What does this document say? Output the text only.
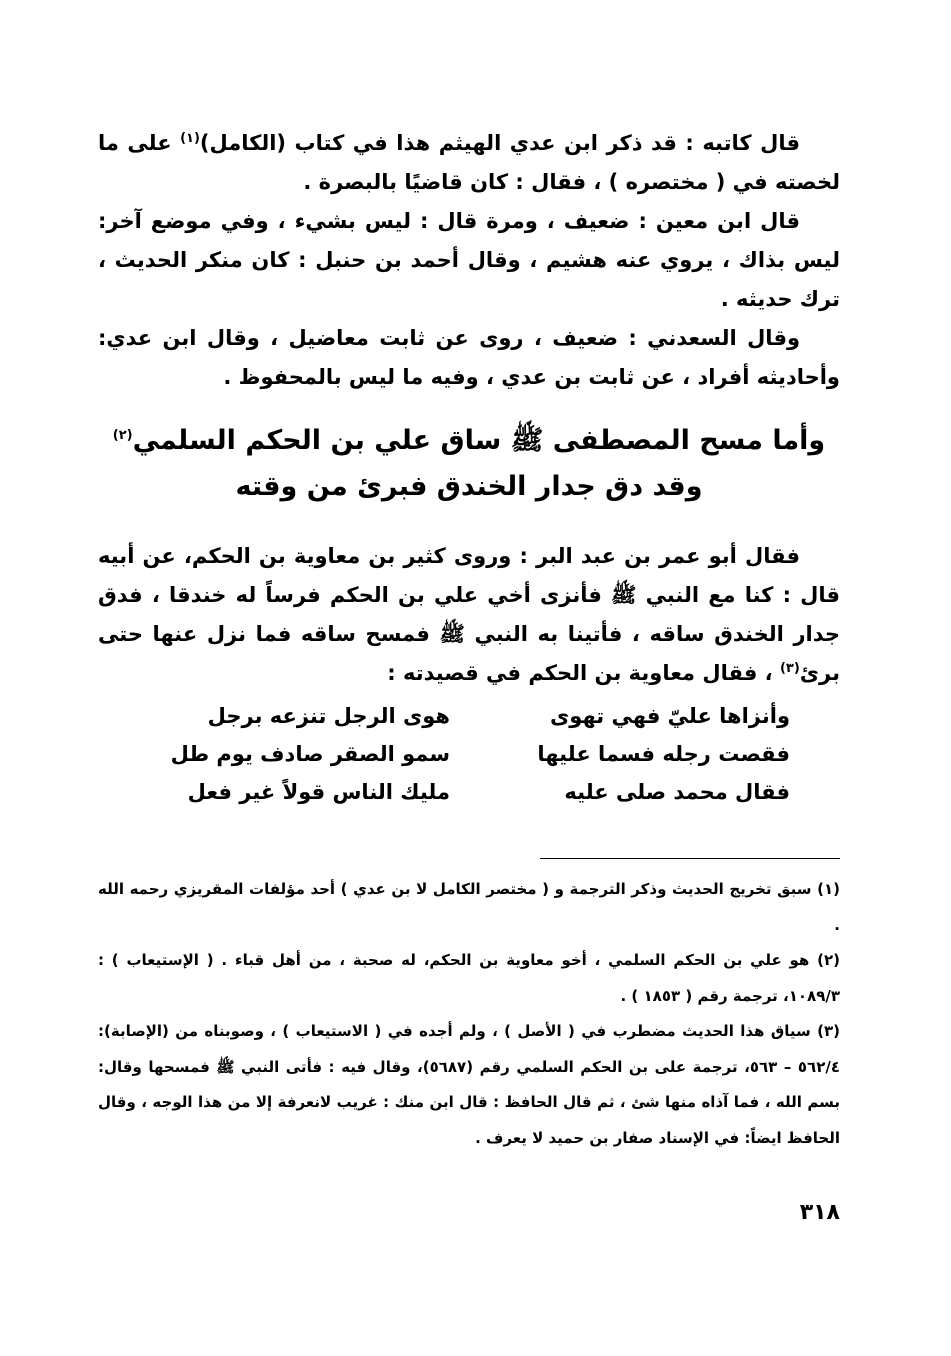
قال كاتبه : قد ذكر ابن عدي الهيثم هذا في كتاب (الكامل)$^{(١)}$ على ما لخصته في ( مختصره ) ، فقال : كان قاضيًا بالبصرة .

قال ابن معين : ضعيف ، ومرة قال : ليس بشيء ، وفي موضع آخر: ليس بذاك ، يروي عنه هشيم ، وقال أحمد بن حنبل : كان منكر الحديث ، ترك حديثه .

وقال السعدني : ضعيف ، روى عن ثابت معاضيل ، وقال ابن عدي: وأحاديثه أفراد ، عن ثابت بن عدي ، وفيه ما ليس بالمحفوظ .

وأما مسح المصطفى ﷺ ساق علي بن الحكم السلمي$^{(٢)}$
وقد دق جدار الخندق فبرئ من وقته

فقال أبو عمر بن عبد البر : وروى كثير بن معاوية بن الحكم، عن أبيه قال : كنا مع النبي ﷺ فأنزى أخي علي بن الحكم فرساً له خندقا ، فدق جدار الخندق ساقه ، فأتينا به النبي ﷺ فمسح ساقه فما نزل عنها حتى برئ$^{(٣)}$ ، فقال معاوية بن الحكم في قصيدته :

وأنزاها عليّ فهي تهوى
هوى الرجل تنزعه برجل
فقصت رجله فسما عليها
سمو الصقر صادف يوم طل
فقال محمد صلى عليه
مليك الناس قولاً غير فعل

(١) سبق تخريج الحديث وذكر الترجمة و ( مختصر الكامل لا بن عدي ) أحد مؤلفات المقريزي رحمه الله .

(٢) هو علي بن الحكم السلمي ، أخو معاوية بن الحكم، له صحبة ، من أهل قباء . ( الإستيعاب ) : ١٠٨٩/٣، ترجمة رقم ( ١٨٥٣ ) .

(٣) سياق هذا الحديث مضطرب في ( الأصل ) ، ولم أجده في ( الاستيعاب ) ، وصوبناه من (الإصابة): ٥٦٢/٤ – ٥٦٣، ترجمة على بن الحكم السلمي رقم (٥٦٨٧)، وقال فيه : فأتى النبي ﷺ فمسحها وقال: بسم الله ، فما آذاه منها شئ ، ثم قال الحافظ : قال ابن منك : غريب لانعرفة إلا من هذا الوجه ، وقال الحافظ ايضاً: في الإسناد صفار بن حميد لا يعرف .

٣١٨
